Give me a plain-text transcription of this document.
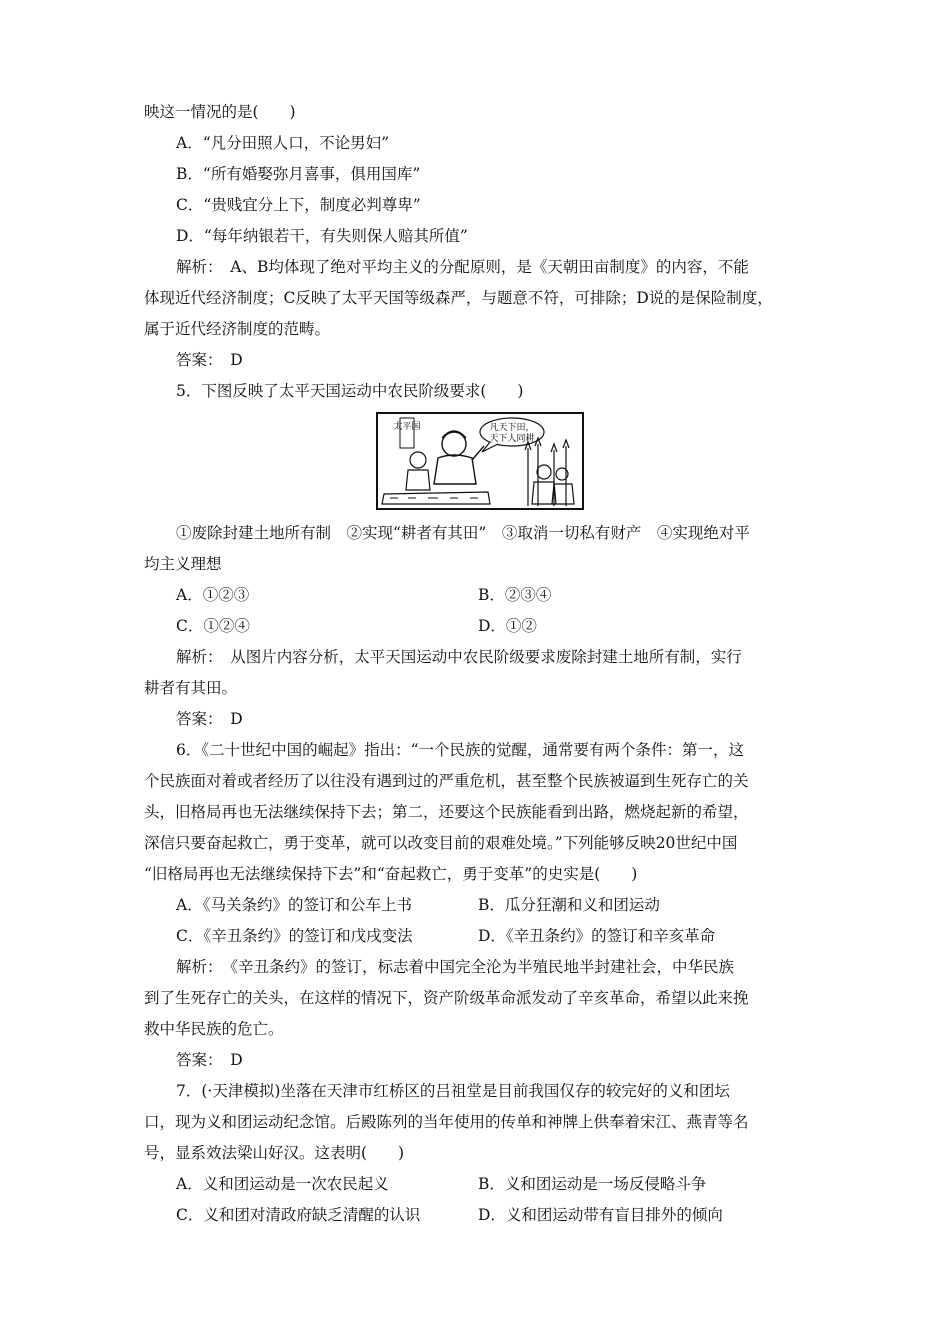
映这一情况的是(　　)
A．“凡分田照人口，不论男妇”
B．“所有婚娶弥月喜事，俱用国库”
C．“贵贱宜分上下，制度必判尊卑”
D．“每年纳银若干，有失则保人赔其所值”
解析：　A、B均体现了绝对平均主义的分配原则，是《天朝田亩制度》的内容，不能
体现近代经济制度；C反映了太平天国等级森严，与题意不符，可排除；D说的是保险制度，
属于近代经济制度的范畴。
答案：　D
5．下图反映了太平天国运动中农民阶级要求(　　)
太平国	凡天下田，
天下人同耕
①废除封建土地所有制　②实现“耕者有其田”　③取消一切私有财产　④实现绝对平
均主义理想
A．①②③	B．②③④
C．①②④	D．①②
解析：　从图片内容分析，太平天国运动中农民阶级要求废除封建土地所有制，实行
耕者有其田。
答案：　D
6．《二十世纪中国的崛起》指出：“一个民族的觉醒，通常要有两个条件：第一，这
个民族面对着或者经历了以往没有遇到过的严重危机，甚至整个民族被逼到生死存亡的关
头，旧格局再也无法继续保持下去；第二，还要这个民族能看到出路，燃烧起新的希望，
深信只要奋起救亡，勇于变革，就可以改变目前的艰难处境。”下列能够反映20世纪中国
“旧格局再也无法继续保持下去”和“奋起救亡，勇于变革”的史实是(　　)
A．《马关条约》的签订和公车上书	B．瓜分狂潮和义和团运动
C．《辛丑条约》的签订和戊戌变法	D．《辛丑条约》的签订和辛亥革命
解析：　《辛丑条约》的签订，标志着中国完全沦为半殖民地半封建社会，中华民族
到了生死存亡的关头，在这样的情况下，资产阶级革命派发动了辛亥革命，希望以此来挽
救中华民族的危亡。
答案：　D
7．(·天津模拟)坐落在天津市红桥区的吕祖堂是目前我国仅存的较完好的义和团坛
口，现为义和团运动纪念馆。后殿陈列的当年使用的传单和神牌上供奉着宋江、燕青等名
号，显系效法梁山好汉。这表明(　　)
A．义和团运动是一次农民起义	B．义和团运动是一场反侵略斗争
C．义和团对清政府缺乏清醒的认识	D．义和团运动带有盲目排外的倾向
